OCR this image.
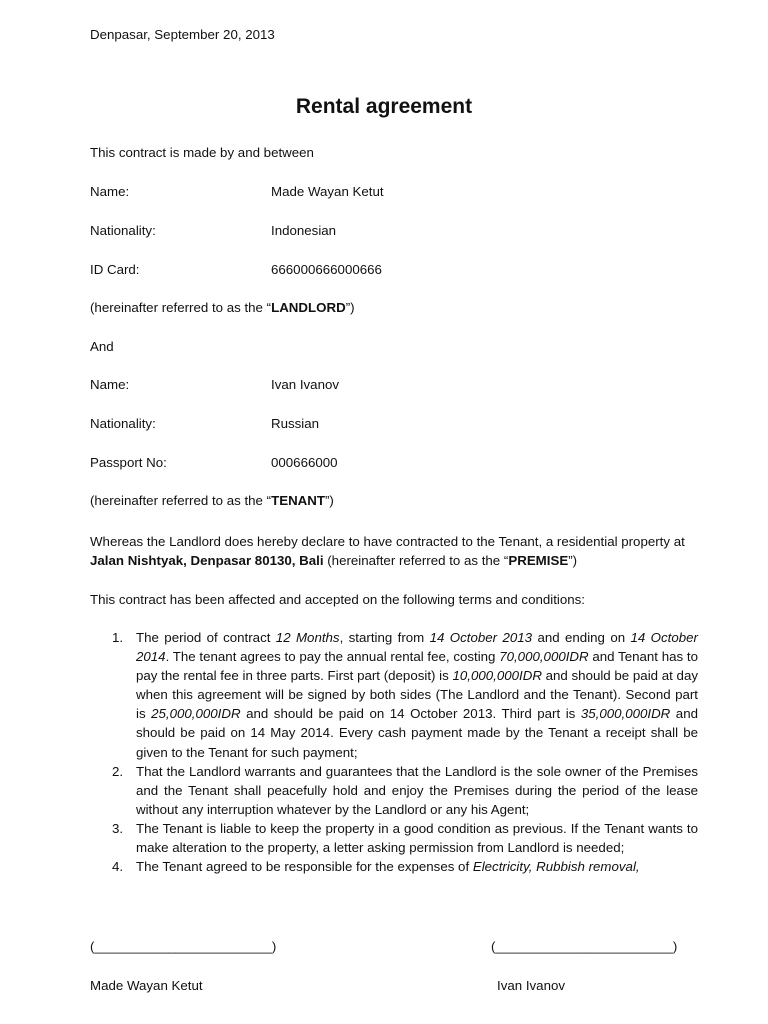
Denpasar, September 20, 2013
Rental agreement
This contract is made by and between
Name:	Made Wayan Ketut
Nationality:	Indonesian
ID Card:	666000666000666
(hereinafter referred to as the “LANDLORD”)
And
Name:	Ivan Ivanov
Nationality:	Russian
Passport No:	000666000
(hereinafter referred to as the “TENANT”)
Whereas the Landlord does hereby declare to have contracted to the Tenant, a residential property at Jalan Nishtyak, Denpasar 80130, Bali (hereinafter referred to as the “PREMISE”)
This contract has been affected and accepted on the following terms and conditions:
1. The period of contract 12 Months, starting from 14 October 2013 and ending on 14 October 2014. The tenant agrees to pay the annual rental fee, costing 70,000,000IDR and Tenant has to pay the rental fee in three parts. First part (deposit) is 10,000,000IDR and should be paid at day when this agreement will be signed by both sides (The Landlord and the Tenant). Second part is 25,000,000IDR and should be paid on 14 October 2013. Third part is 35,000,000IDR and should be paid on 14 May 2014. Every cash payment made by the Tenant a receipt shall be given to the Tenant for such payment;
2. That the Landlord warrants and guarantees that the Landlord is the sole owner of the Premises and the Tenant shall peacefully hold and enjoy the Premises during the period of the lease without any interruption whatever by the Landlord or any his Agent;
3. The Tenant is liable to keep the property in a good condition as previous. If the Tenant wants to make alteration to the property, a letter asking permission from Landlord is needed;
4. The Tenant agreed to be responsible for the expenses of Electricity, Rubbish removal,
(________________________)	(________________________)
Made Wayan Ketut	Ivan Ivanov
